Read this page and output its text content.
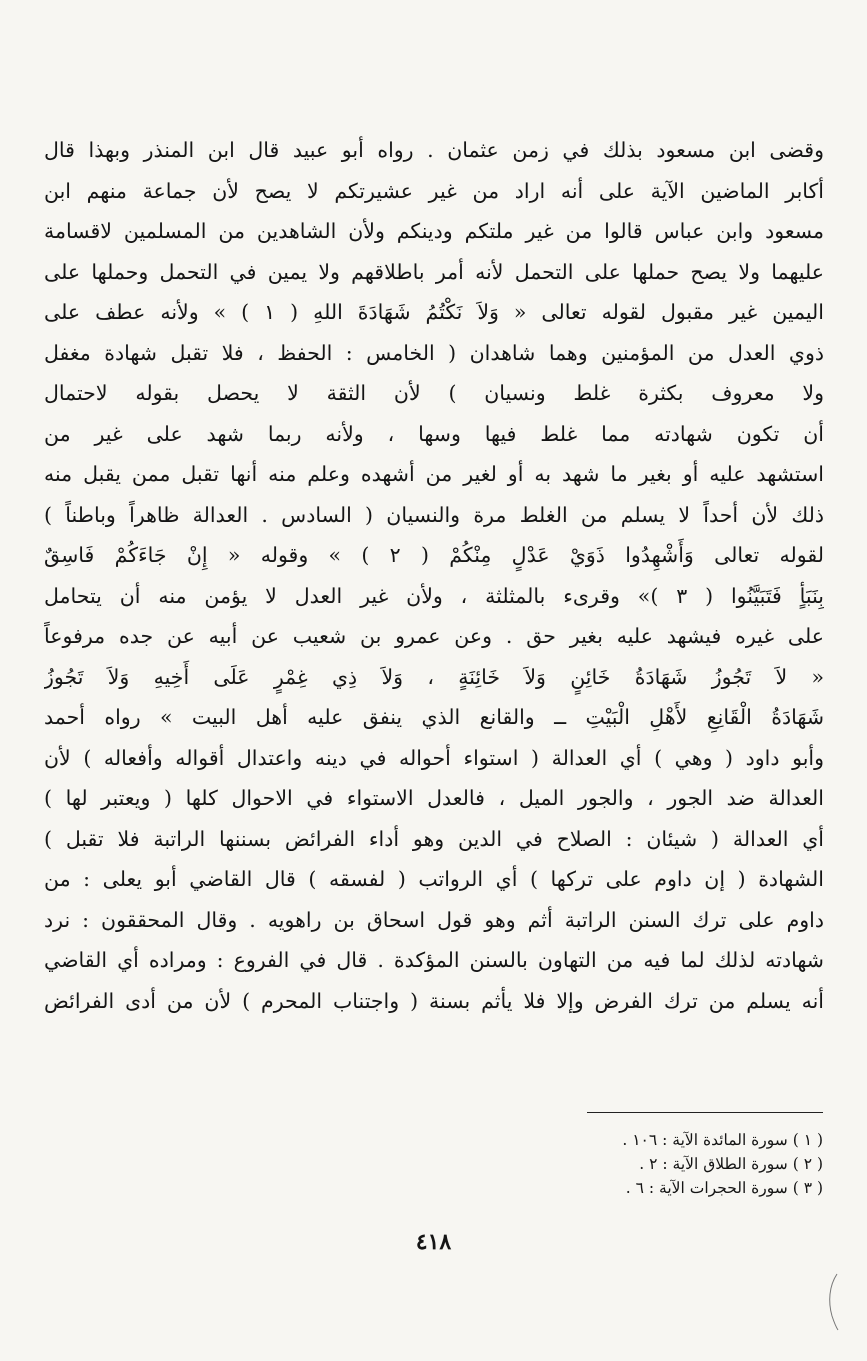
وقضى ابن مسعود بذلك في زمن عثمان . رواه أبو عبيد قال ابن المنذر وبهذا قال
أكابر الماضين الآية على أنه اراد من غير عشيرتكم لا يصح لأن جماعة منهم ابن
مسعود وابن عباس قالوا من غير ملتكم ودينكم ولأن الشاهدين من المسلمين لاقسامة
عليهما ولا يصح حملها على التحمل لأنه أمر باطلاقهم ولا يمين في التحمل وحملها على
اليمين غير مقبول لقوله تعالى « وَلاَ نَكْتُمُ شَهَادَةَ اللهِ ( ١ ) » ولأنه عطف على
ذوي العدل من المؤمنين وهما شاهدان ( الخامس : الحفظ ، فلا تقبل شهادة مغفل
ولا معروف بكثرة غلط ونسيان ) لأن الثقة لا يحصل بقوله لاحتمال
أن تكون شهادته مما غلط فيها وسها ، ولأنه ربما شهد على غير من
استشهد عليه أو بغير ما شهد به أو لغير من أشهده وعلم منه أنها تقبل ممن يقبل منه
ذلك لأن أحداً لا يسلم من الغلط مرة والنسيان ( السادس . العدالة ظاهراً وباطناً )
لقوله تعالى وَأَشْهِدُوا ذَوَيْ عَدْلٍ مِنْكُمْ ( ٢ ) » وقوله « إِنْ جَاءَكُمْ فَاسِقٌ
بِنَبَأٍ فَتَبَيَّنُوا ( ٣ )» وقرىء بالمثلثة ، ولأن غير العدل لا يؤمن منه أن يتحامل
على غيره فيشهد عليه بغير حق . وعن عمرو بن شعيب عن أبيه عن جده مرفوعاً
« لاَ تَجُوزُ شَهَادَةُ خَائِنٍ وَلاَ خَائِنَةٍ ، وَلاَ ذِي غِمْرٍ عَلَى أَخِيهِ وَلاَ تَجُوزُ
شَهَادَةُ الْقَانِعِ لأَهْلِ الْبَيْتِ ــ والقانع الذي ينفق عليه أهل البيت » رواه أحمد
وأبو داود ( وهي ) أي العدالة ( استواء أحواله في دينه واعتدال أقواله وأفعاله ) لأن
العدالة ضد الجور ، والجور الميل ، فالعدل الاستواء في الاحوال كلها ( ويعتبر لها )
أي العدالة ( شيئان : الصلاح في الدين وهو أداء الفرائض بسننها الراتبة فلا تقبل )
الشهادة ( إن داوم على تركها ) أي الرواتب ( لفسقه ) قال القاضي أبو يعلى : من
داوم على ترك السنن الراتبة أثم وهو قول اسحاق بن راهويه . وقال المحققون : نرد
شهادته لذلك لما فيه من التهاون بالسنن المؤكدة . قال في الفروع : ومراده أي القاضي
أنه يسلم من ترك الفرض وإلا فلا يأثم بسنة ( واجتناب المحرم ) لأن من أدى الفرائض
( ١ ) سورة المائدة الآية : ١٠٦ .
( ٢ ) سورة الطلاق الآية : ٢ .
( ٣ ) سورة الحجرات الآية : ٦ .
٤١٨
